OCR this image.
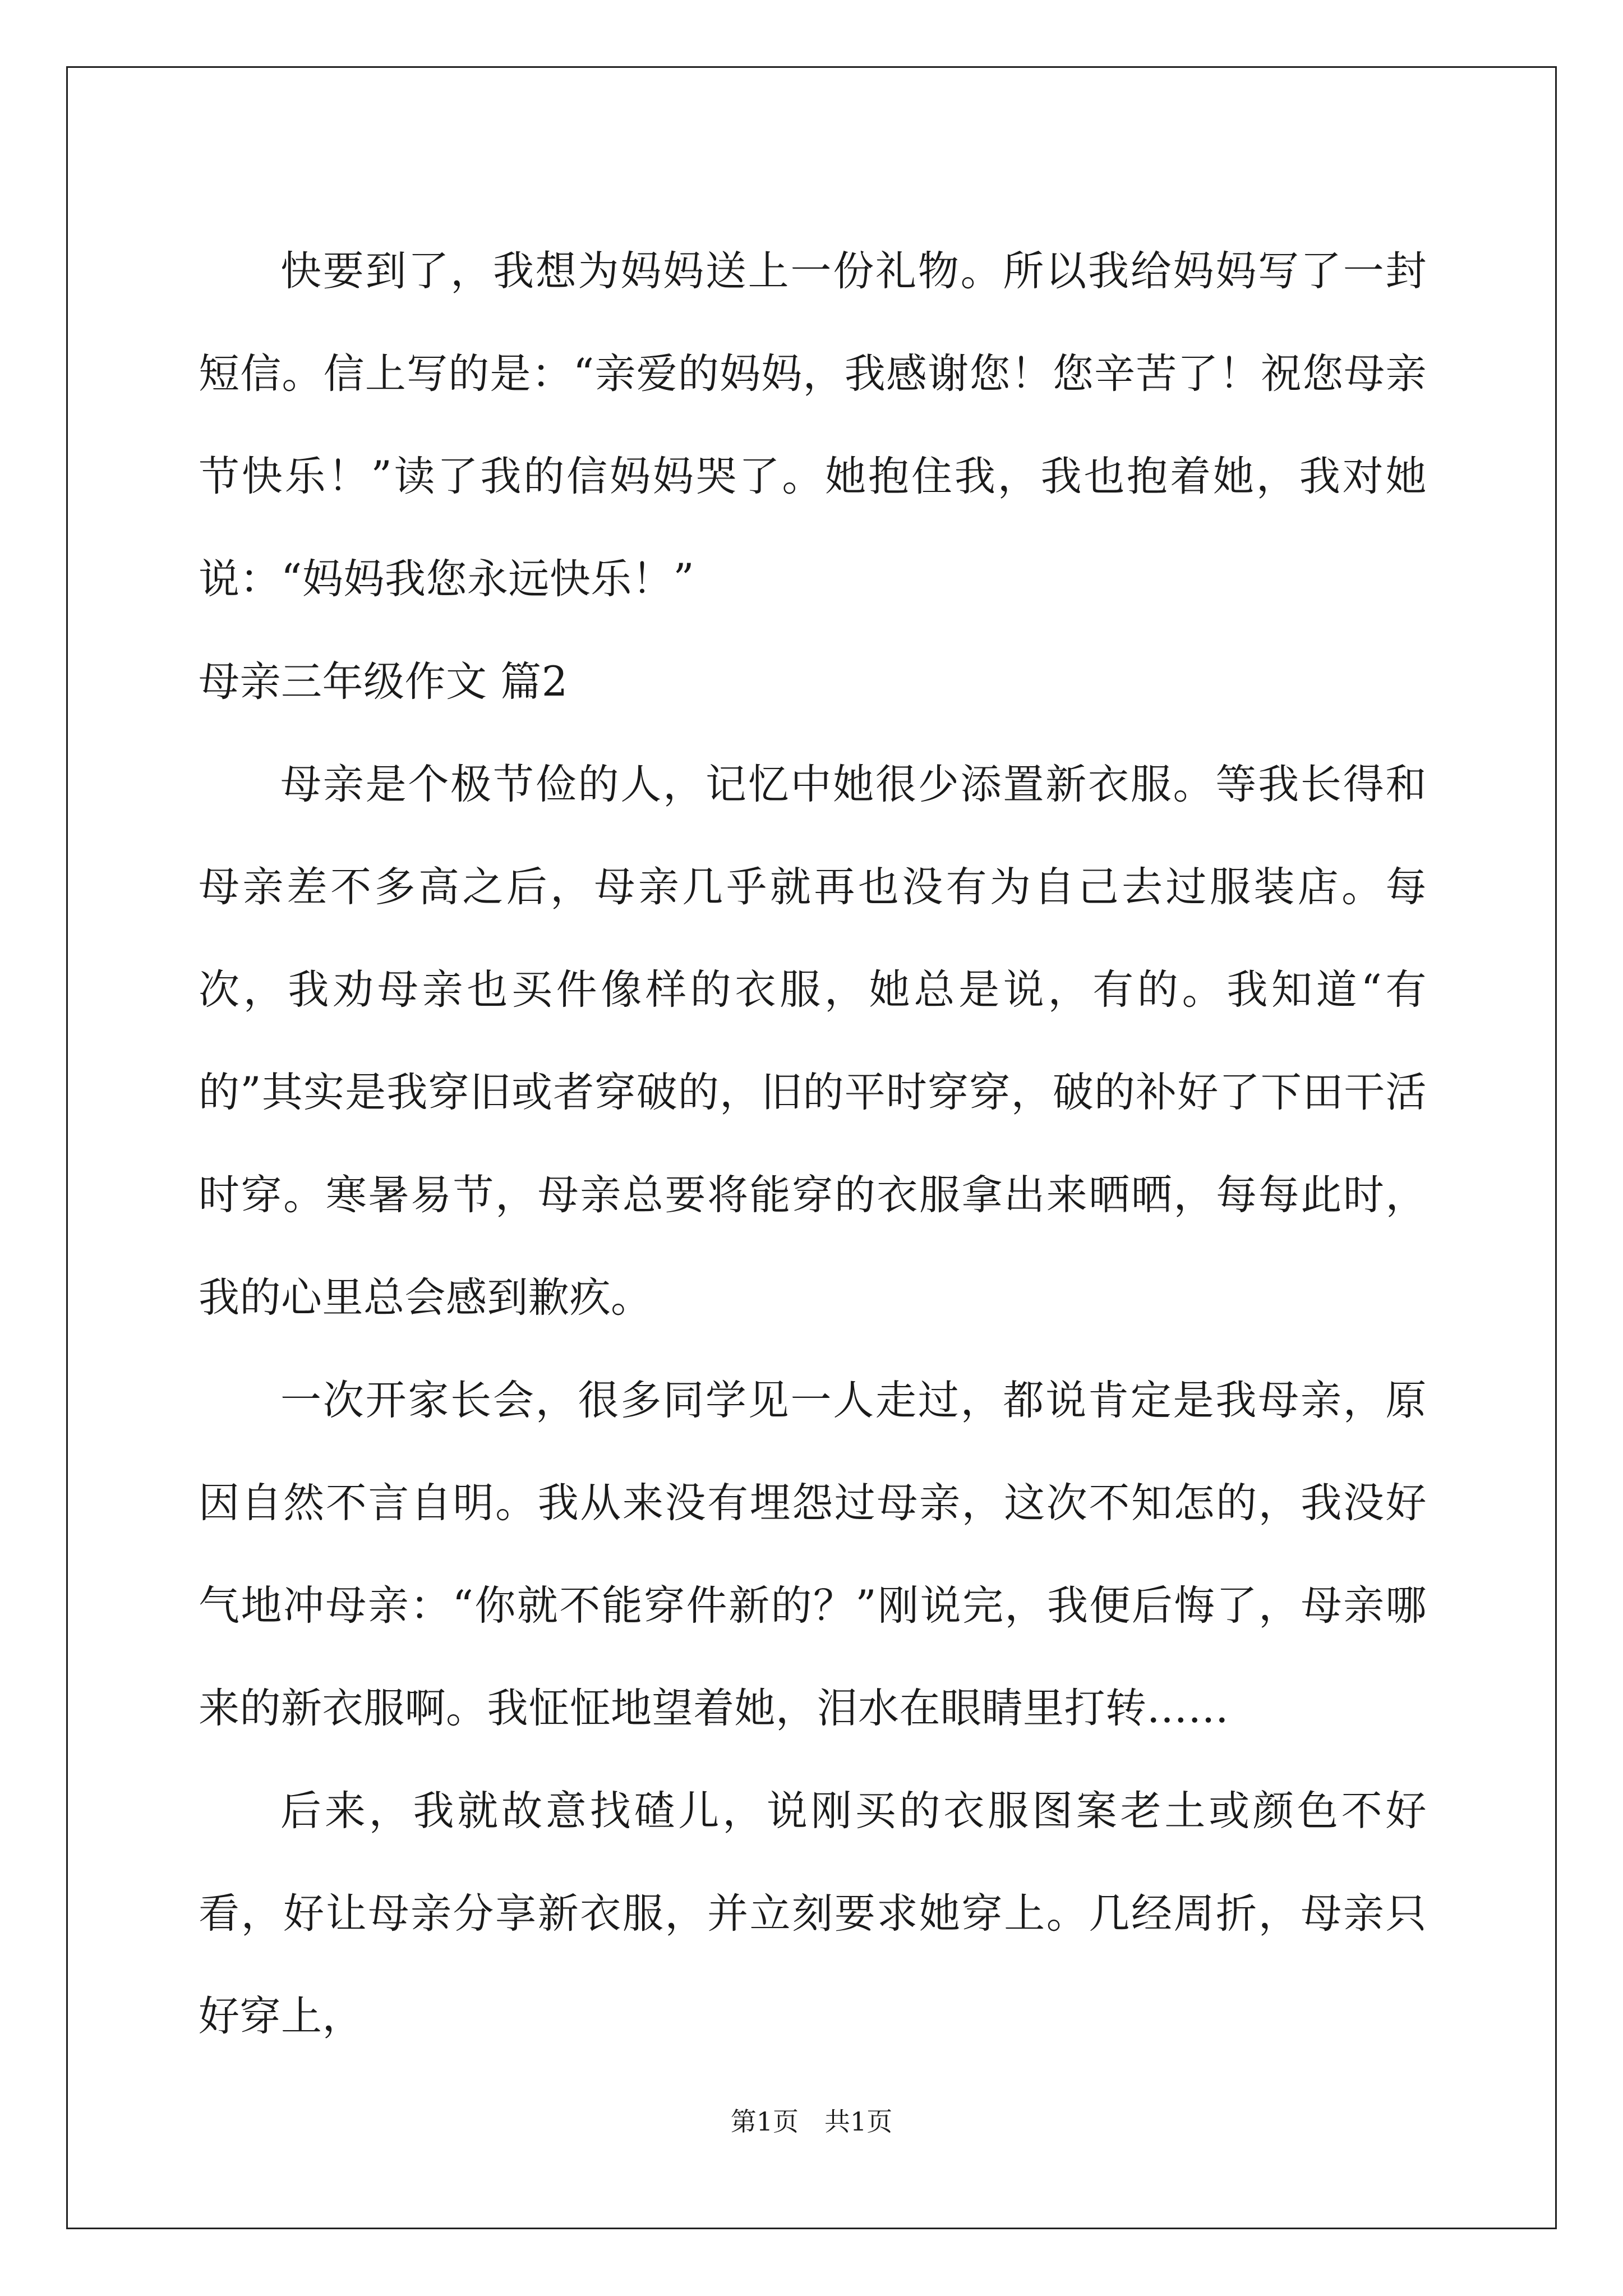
快要到了，我想为妈妈送上一份礼物。所以我给妈妈写了一封短信。信上写的是：“亲爱的妈妈，我感谢您！您辛苦了！祝您母亲节快乐！”读了我的信妈妈哭了。她抱住我，我也抱着她，我对她说：“妈妈我您永远快乐！”

母亲三年级作文 篇2

母亲是个极节俭的人，记忆中她很少添置新衣服。等我长得和母亲差不多高之后，母亲几乎就再也没有为自己去过服装店。每次，我劝母亲也买件像样的衣服，她总是说，有的。我知道“有的”其实是我穿旧或者穿破的，旧的平时穿穿，破的补好了下田干活时穿。寒暑易节，母亲总要将能穿的衣服拿出来晒晒，每每此时，我的心里总会感到歉疚。

一次开家长会，很多同学见一人走过，都说肯定是我母亲，原因自然不言自明。我从来没有埋怨过母亲，这次不知怎的，我没好气地冲母亲：“你就不能穿件新的？”刚说完，我便后悔了，母亲哪来的新衣服啊。我怔怔地望着她，泪水在眼睛里打转……

后来，我就故意找碴儿，说刚买的衣服图案老土或颜色不好看，好让母亲分享新衣服，并立刻要求她穿上。几经周折，母亲只好穿上，

第1页　共1页
